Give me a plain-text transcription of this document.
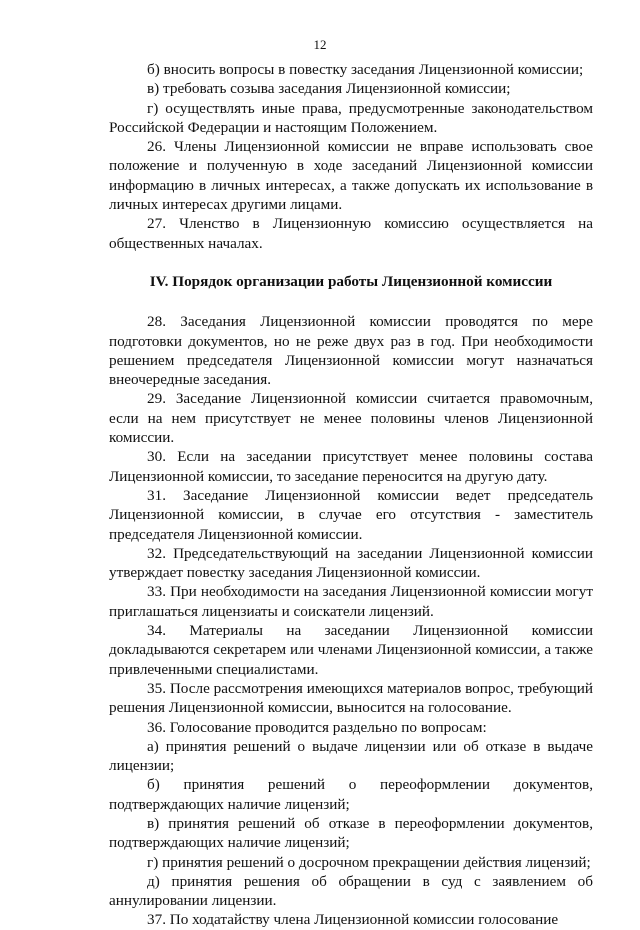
12

б) вносить вопросы в повестку заседания Лицензионной комиссии;

в) требовать созыва заседания Лицензионной комиссии;

г) осуществлять иные права, предусмотренные законодательством Российской Федерации и настоящим Положением.

26. Члены Лицензионной комиссии не вправе использовать свое положение и полученную в ходе заседаний Лицензионной комиссии информацию в личных интересах, а также допускать их использование в личных интересах другими лицами.

27. Членство в Лицензионную комиссию осуществляется на общественных началах.

IV. Порядок организации работы Лицензионной комиссии

28. Заседания Лицензионной комиссии проводятся по мере подготовки документов, но не реже двух раз в год. При необходимости решением председателя Лицензионной комиссии могут назначаться внеочередные заседания.

29. Заседание Лицензионной комиссии считается правомочным, если на нем присутствует не менее половины членов Лицензионной комиссии.

30. Если на заседании присутствует менее половины состава Лицензионной комиссии, то заседание переносится на другую дату.

31. Заседание Лицензионной комиссии ведет председатель Лицензионной комиссии, в случае его отсутствия - заместитель председателя Лицензионной комиссии.

32. Председательствующий на заседании Лицензионной комиссии утверждает повестку заседания Лицензионной комиссии.

33. При необходимости на заседания Лицензионной комиссии могут приглашаться лицензиаты и соискатели лицензий.

34. Материалы на заседании Лицензионной комиссии докладываются секретарем или членами Лицензионной комиссии, а также привлеченными специалистами.

35. После рассмотрения имеющихся материалов вопрос, требующий решения Лицензионной комиссии, выносится на голосование.

36. Голосование проводится раздельно по вопросам:

а) принятия решений о выдаче лицензии или об отказе в выдаче лицензии;

б) принятия решений о переоформлении документов, подтверждающих наличие лицензий;

в) принятия решений об отказе в переоформлении документов, подтверждающих наличие лицензий;

г) принятия решений о досрочном прекращении действия лицензий;

д) принятия решения об обращении в суд с заявлением об аннулировании лицензии.

37. По ходатайству члена Лицензионной комиссии голосование
